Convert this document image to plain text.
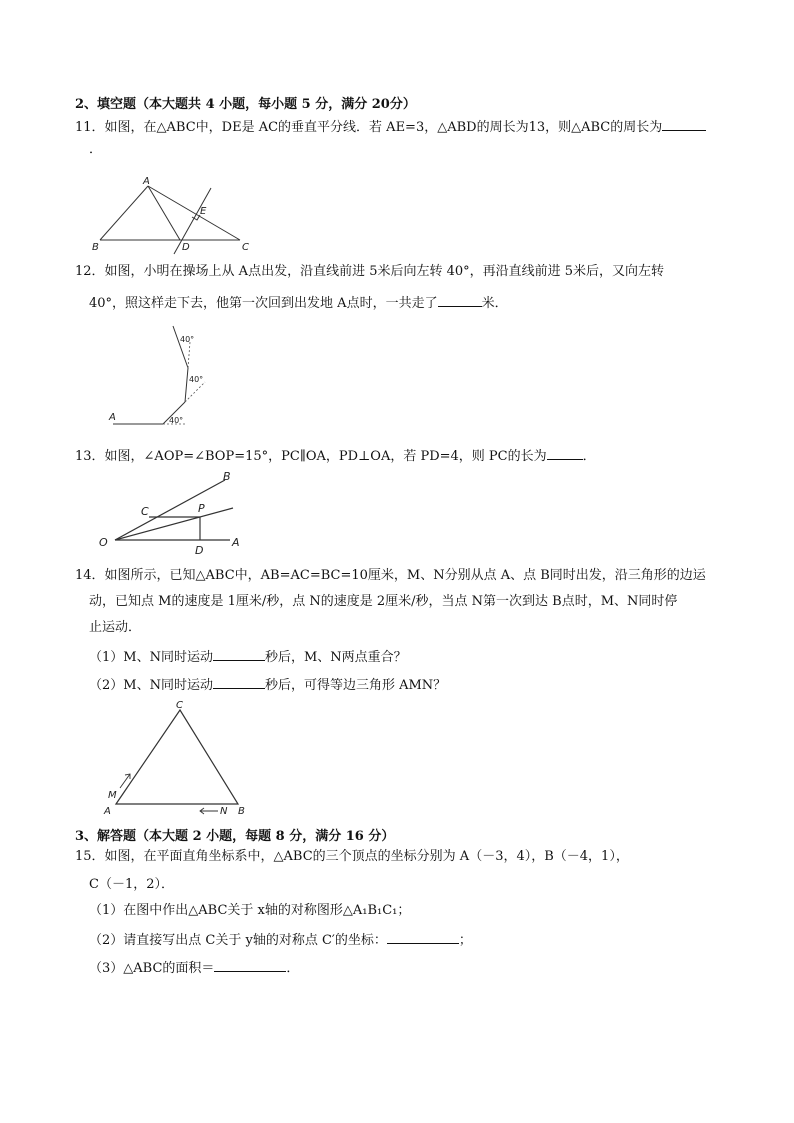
2、填空题（本大题共 4 小题，每小题 5 分，满分 20分）
11．如图，在△ABC中，DE是 AC的垂直平分线．若 AE=3，△ABD的周长为13，则△ABC的周长为
．
A
B	C
D
E
12．如图，小明在操场上从 A点出发，沿直线前进 5米后向左转 40°，再沿直线前进 5米后，又向左转
40°，照这样走下去，他第一次回到出发地 A点时，一共走了	米．
A	40°
40°
40°
13．如图，∠AOP=∠BOP=15°，PC∥OA，PD⊥OA，若 PD=4，则 PC的长为	．
O	A
B
C	P
D
14．如图所示，已知△ABC中，AB=AC=BC=10厘米，M、N分别从点 A、点 B同时出发，沿三角形的边运
动，已知点 M的速度是 1厘米/秒，点 N的速度是 2厘米/秒，当点 N第一次到达 B点时，M、N同时停
止运动．
（1）M、N同时运动	秒后，M、N两点重合？
（2）M、N同时运动	秒后，可得等边三角形 AMN？
C
A	B
M
N
3、解答题（本大题 2 小题，每题 8 分，满分 16 分）
15．如图，在平面直角坐标系中，△ABC的三个顶点的坐标分别为 A（－3，4），B（－4，1），
C（－1，2）．
（1）在图中作出△ABC关于 x轴的对称图形△A₁B₁C₁；
（2）请直接写出点 C关于 y轴的对称点 C′的坐标：	；
（3）△ABC的面积＝	．
